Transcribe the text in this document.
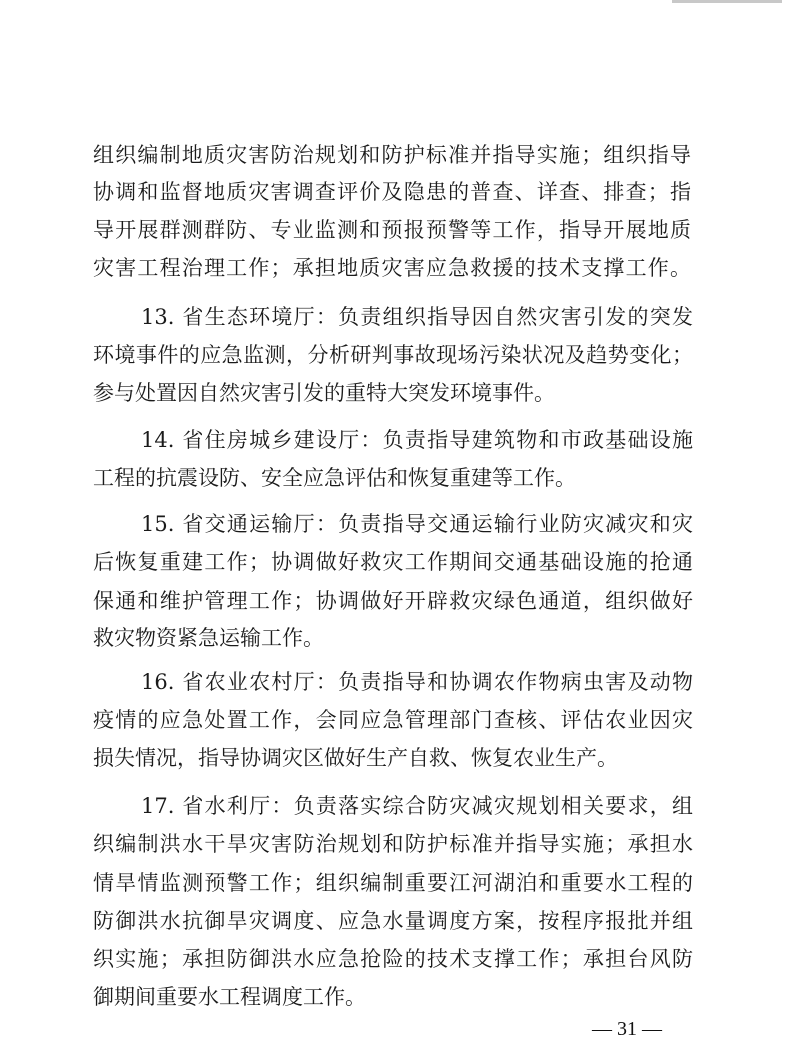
组织编制地质灾害防治规划和防护标准并指导实施；组织指导

协调和监督地质灾害调查评价及隐患的普查、详查、排查；指

导开展群测群防、专业监测和预报预警等工作，指导开展地质

灾害工程治理工作；承担地质灾害应急救援的技术支撑工作。

13. 省生态环境厅：负责组织指导因自然灾害引发的突发

环境事件的应急监测，分析研判事故现场污染状况及趋势变化；

参与处置因自然灾害引发的重特大突发环境事件。

14. 省住房城乡建设厅：负责指导建筑物和市政基础设施

工程的抗震设防、安全应急评估和恢复重建等工作。

15. 省交通运输厅：负责指导交通运输行业防灾减灾和灾

后恢复重建工作；协调做好救灾工作期间交通基础设施的抢通

保通和维护管理工作；协调做好开辟救灾绿色通道，组织做好

救灾物资紧急运输工作。

16. 省农业农村厅：负责指导和协调农作物病虫害及动物

疫情的应急处置工作，会同应急管理部门查核、评估农业因灾

损失情况，指导协调灾区做好生产自救、恢复农业生产。

17. 省水利厅：负责落实综合防灾减灾规划相关要求，组

织编制洪水干旱灾害防治规划和防护标准并指导实施；承担水

情旱情监测预警工作；组织编制重要江河湖泊和重要水工程的

防御洪水抗御旱灾调度、应急水量调度方案，按程序报批并组

织实施；承担防御洪水应急抢险的技术支撑工作；承担台风防

御期间重要水工程调度工作。

— 31 —
